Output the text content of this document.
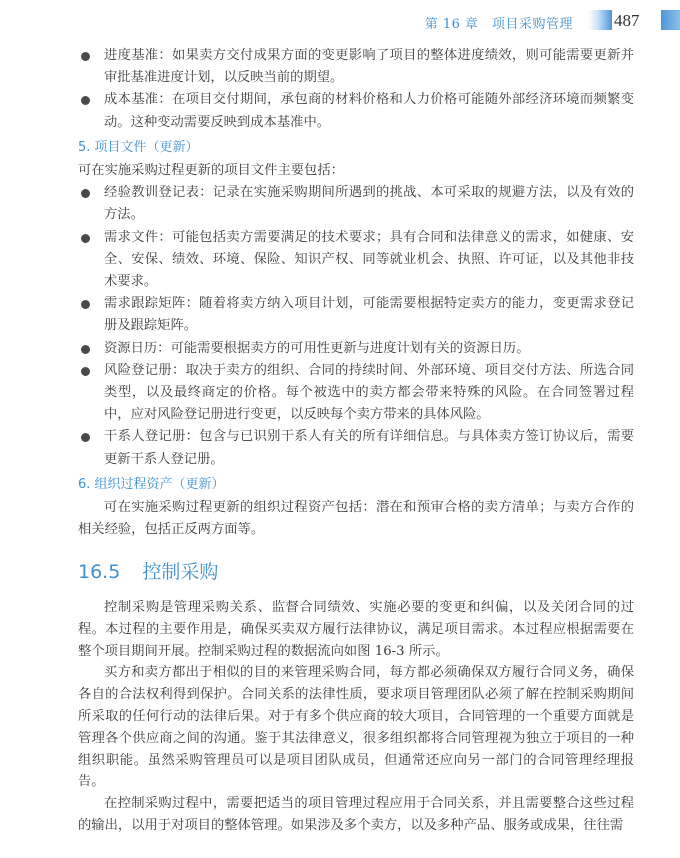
第 16 章　项目采购管理 487
进度基准：如果卖方交付成果方面的变更影响了项目的整体进度绩效，则可能需要更新并审批基准进度计划，以反映当前的期望。
成本基准：在项目交付期间，承包商的材料价格和人力价格可能随外部经济环境而频繁变动。这种变动需要反映到成本基准中。
5. 项目文件（更新）
可在实施采购过程更新的项目文件主要包括：
经验教训登记表：记录在实施采购期间所遇到的挑战、本可采取的规避方法，以及有效的方法。
需求文件：可能包括卖方需要满足的技术要求；具有合同和法律意义的需求，如健康、安全、安保、绩效、环境、保险、知识产权、同等就业机会、执照、许可证，以及其他非技术要求。
需求跟踪矩阵：随着将卖方纳入项目计划，可能需要根据特定卖方的能力，变更需求登记册及跟踪矩阵。
资源日历：可能需要根据卖方的可用性更新与进度计划有关的资源日历。
风险登记册：取决于卖方的组织、合同的持续时间、外部环境、项目交付方法、所选合同类型，以及最终商定的价格。每个被选中的卖方都会带来特殊的风险。在合同签署过程中，应对风险登记册进行变更，以反映每个卖方带来的具体风险。
干系人登记册：包含与已识别干系人有关的所有详细信息。与具体卖方签订协议后，需要更新干系人登记册。
6. 组织过程资产（更新）
可在实施采购过程更新的组织过程资产包括：潜在和预审合格的卖方清单；与卖方合作的相关经验，包括正反两方面等。
16.5 控制采购
控制采购是管理采购关系、监督合同绩效、实施必要的变更和纠偏，以及关闭合同的过程。本过程的主要作用是，确保买卖双方履行法律协议，满足项目需求。本过程应根据需要在整个项目期间开展。控制采购过程的数据流向如图 16-3 所示。
买方和卖方都出于相似的目的来管理采购合同，每方都必须确保双方履行合同义务，确保各自的合法权利得到保护。合同关系的法律性质，要求项目管理团队必须了解在控制采购期间所采取的任何行动的法律后果。对于有多个供应商的较大项目，合同管理的一个重要方面就是管理各个供应商之间的沟通。鉴于其法律意义，很多组织都将合同管理视为独立于项目的一种组织职能。虽然采购管理员可以是项目团队成员，但通常还应向另一部门的合同管理经理报告。
在控制采购过程中，需要把适当的项目管理过程应用于合同关系，并且需要整合这些过程的输出，以用于对项目的整体管理。如果涉及多个卖方，以及多种产品、服务或成果，往往需
